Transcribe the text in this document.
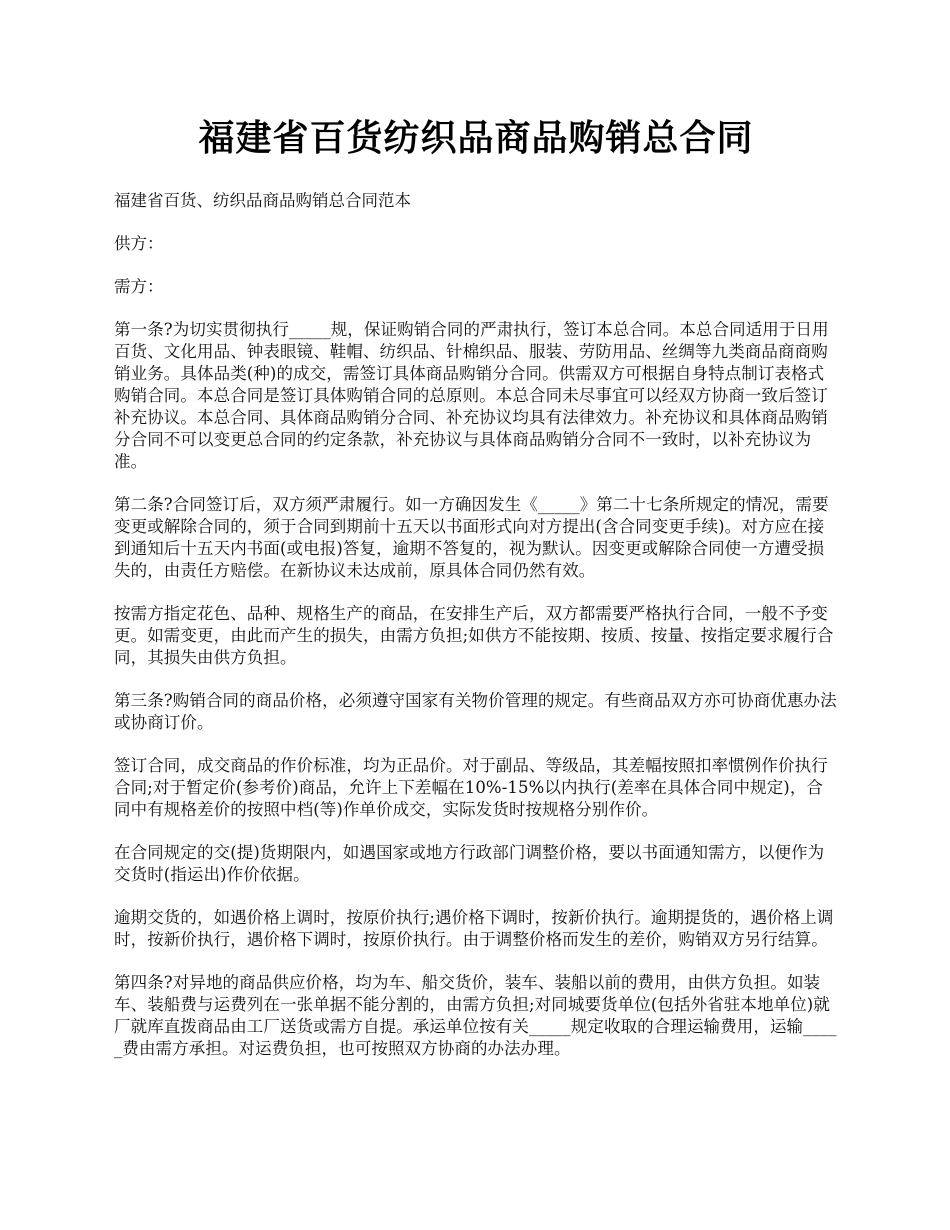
福建省百货纺织品商品购销总合同

福建省百货、纺织品商品购销总合同范本

供方：

需方：

第一条?为切实贯彻执行_____规，保证购销合同的严肃执行，签订本总合同。本总合同适用于日用百货、文化用品、钟表眼镜、鞋帽、纺织品、针棉织品、服装、劳防用品、丝绸等九类商品商商购销业务。具体品类(种)的成交，需签订具体商品购销分合同。供需双方可根据自身特点制订表格式购销合同。本总合同是签订具体购销合同的总原则。本总合同未尽事宜可以经双方协商一致后签订补充协议。本总合同、具体商品购销分合同、补充协议均具有法律效力。补充协议和具体商品购销分合同不可以变更总合同的约定条款，补充协议与具体商品购销分合同不一致时，以补充协议为准。

第二条?合同签订后，双方须严肃履行。如一方确因发生《_____》第二十七条所规定的情况，需要变更或解除合同的，须于合同到期前十五天以书面形式向对方提出(含合同变更手续)。对方应在接到通知后十五天内书面(或电报)答复，逾期不答复的，视为默认。因变更或解除合同使一方遭受损失的，由责任方赔偿。在新协议未达成前，原具体合同仍然有效。

按需方指定花色、品种、规格生产的商品，在安排生产后，双方都需要严格执行合同，一般不予变更。如需变更，由此而产生的损失，由需方负担;如供方不能按期、按质、按量、按指定要求履行合同，其损失由供方负担。

第三条?购销合同的商品价格，必须遵守国家有关物价管理的规定。有些商品双方亦可协商优惠办法或协商订价。

签订合同，成交商品的作价标准，均为正品价。对于副品、等级品，其差幅按照扣率惯例作价执行合同;对于暂定价(参考价)商品，允许上下差幅在10%-15%以内执行(差率在具体合同中规定)，合同中有规格差价的按照中档(等)作单价成交，实际发货时按规格分别作价。

在合同规定的交(提)货期限内，如遇国家或地方行政部门调整价格，要以书面通知需方，以便作为交货时(指运出)作价依据。

逾期交货的，如遇价格上调时，按原价执行;遇价格下调时，按新价执行。逾期提货的，遇价格上调时，按新价执行，遇价格下调时，按原价执行。由于调整价格而发生的差价，购销双方另行结算。

第四条?对异地的商品供应价格，均为车、船交货价，装车、装船以前的费用，由供方负担。如装车、装船费与运费列在一张单据不能分割的，由需方负担;对同城要货单位(包括外省驻本地单位)就厂就库直拨商品由工厂送货或需方自提。承运单位按有关_____规定收取的合理运输费用，运输_____费由需方承担。对运费负担，也可按照双方协商的办法办理。
